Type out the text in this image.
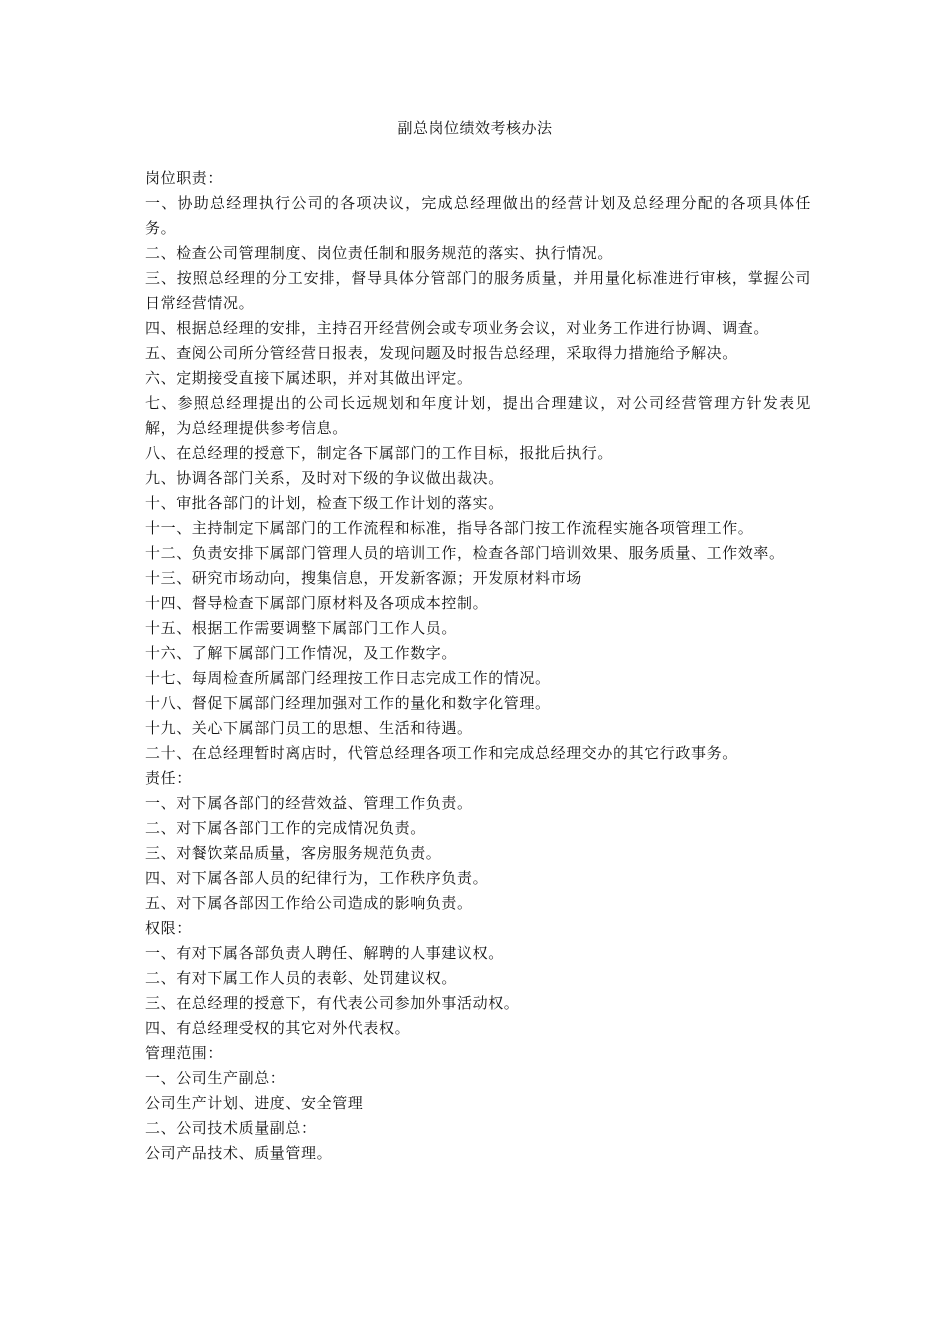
副总岗位绩效考核办法

岗位职责：

一、协助总经理执行公司的各项决议，完成总经理做出的经营计划及总经理分配的各项具体任务。

二、检查公司管理制度、岗位责任制和服务规范的落实、执行情况。

三、按照总经理的分工安排，督导具体分管部门的服务质量，并用量化标准进行审核，掌握公司日常经营情况。

四、根据总经理的安排，主持召开经营例会或专项业务会议，对业务工作进行协调、调查。

五、查阅公司所分管经营日报表，发现问题及时报告总经理，采取得力措施给予解决。

六、定期接受直接下属述职，并对其做出评定。

七、参照总经理提出的公司长远规划和年度计划，提出合理建议，对公司经营管理方针发表见解，为总经理提供参考信息。

八、在总经理的授意下，制定各下属部门的工作目标，报批后执行。

九、协调各部门关系，及时对下级的争议做出裁决。

十、审批各部门的计划，检查下级工作计划的落实。

十一、主持制定下属部门的工作流程和标准，指导各部门按工作流程实施各项管理工作。

十二、负责安排下属部门管理人员的培训工作，检查各部门培训效果、服务质量、工作效率。

十三、研究市场动向，搜集信息，开发新客源；开发原材料市场

十四、督导检查下属部门原材料及各项成本控制。

十五、根据工作需要调整下属部门工作人员。

十六、了解下属部门工作情况，及工作数字。

十七、每周检查所属部门经理按工作日志完成工作的情况。

十八、督促下属部门经理加强对工作的量化和数字化管理。

十九、关心下属部门员工的思想、生活和待遇。

二十、在总经理暂时离店时，代管总经理各项工作和完成总经理交办的其它行政事务。

责任：

一、对下属各部门的经营效益、管理工作负责。

二、对下属各部门工作的完成情况负责。

三、对餐饮菜品质量，客房服务规范负责。

四、对下属各部人员的纪律行为，工作秩序负责。

五、对下属各部因工作给公司造成的影响负责。

权限：

一、有对下属各部负责人聘任、解聘的人事建议权。

二、有对下属工作人员的表彰、处罚建议权。

三、在总经理的授意下，有代表公司参加外事活动权。

四、有总经理受权的其它对外代表权。

管理范围：

一、公司生产副总：

公司生产计划、进度、安全管理

二、公司技术质量副总：

公司产品技术、质量管理。
